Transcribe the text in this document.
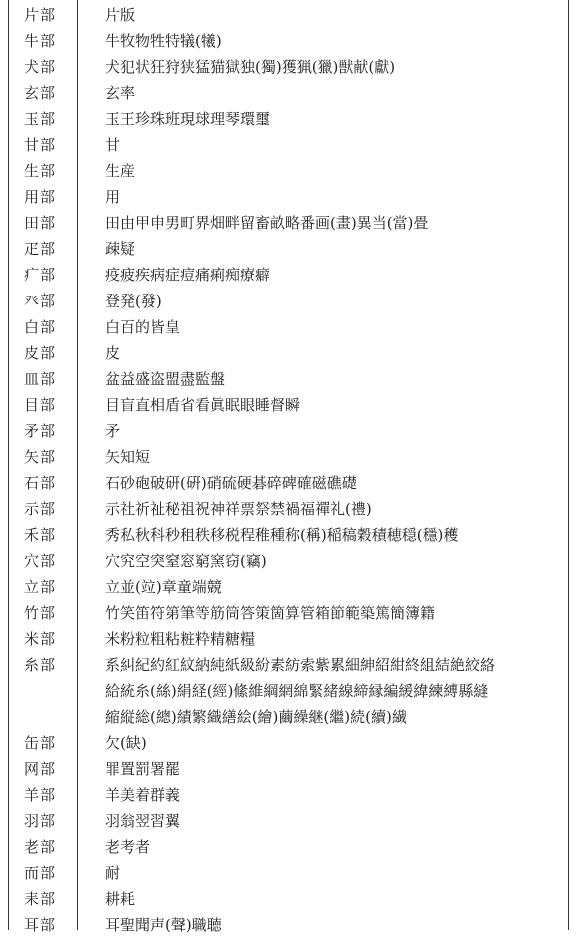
片部	片版
牛部	牛牧物牲特犠(犧)
犬部	犬犯状狂狩狭猛猫獄独(獨)獲猟(獵)獣献(獻)
玄部	玄率
玉部	玉王珍珠班現球理琴環璽
甘部	甘
生部	生産
用部	用
田部	田由甲申男町界畑畔留畜畝略番画(畫)異当(當)畳
疋部	疎疑
疒部	疫疲疾病症痘痛痢痴療癖
癶部	登発(發)
白部	白百的皆皇
皮部	皮
皿部	盆益盛盗盟盡監盤
目部	目盲直相盾省看眞眠眼睡督瞬
矛部	矛
矢部	矢知短
石部	石砂砲破研(硏)硝硫硬碁碎碑確磁礁礎
示部	示社祈祉秘祖祝神祥票祭禁禍福禪礼(禮)
禾部	秀私秋科秒租秩移税程稚種称(稱)稲稿穀積穂穏(穩)穫
穴部	穴究空突窒窓窮窯窃(竊)
立部	立並(竝)章童端競
竹部	竹笑笛符第筆等筋筒答策箇算管箱節範築篤簡簿籍
米部	米粉粒粗粘粧粋精糖糧
糸部	系糾紀約紅紋納純紙級紛素紡索紫累細紳紹紺終組結絶絞絡
給統糸(絲)絹経(經)絛維綱網綿緊緒線締縁編緩緯練縛縣縫
縮縦総(總)績繁織繕絵(繪)繭繰継(繼)続(續)繊
缶部	欠(缺)
网部	罪置罰署罷
羊部	羊美着群義
羽部	羽翁翌習翼
老部	老考者
而部	耐
耒部	耕耗
耳部	耳聖聞声(聲)職聴
